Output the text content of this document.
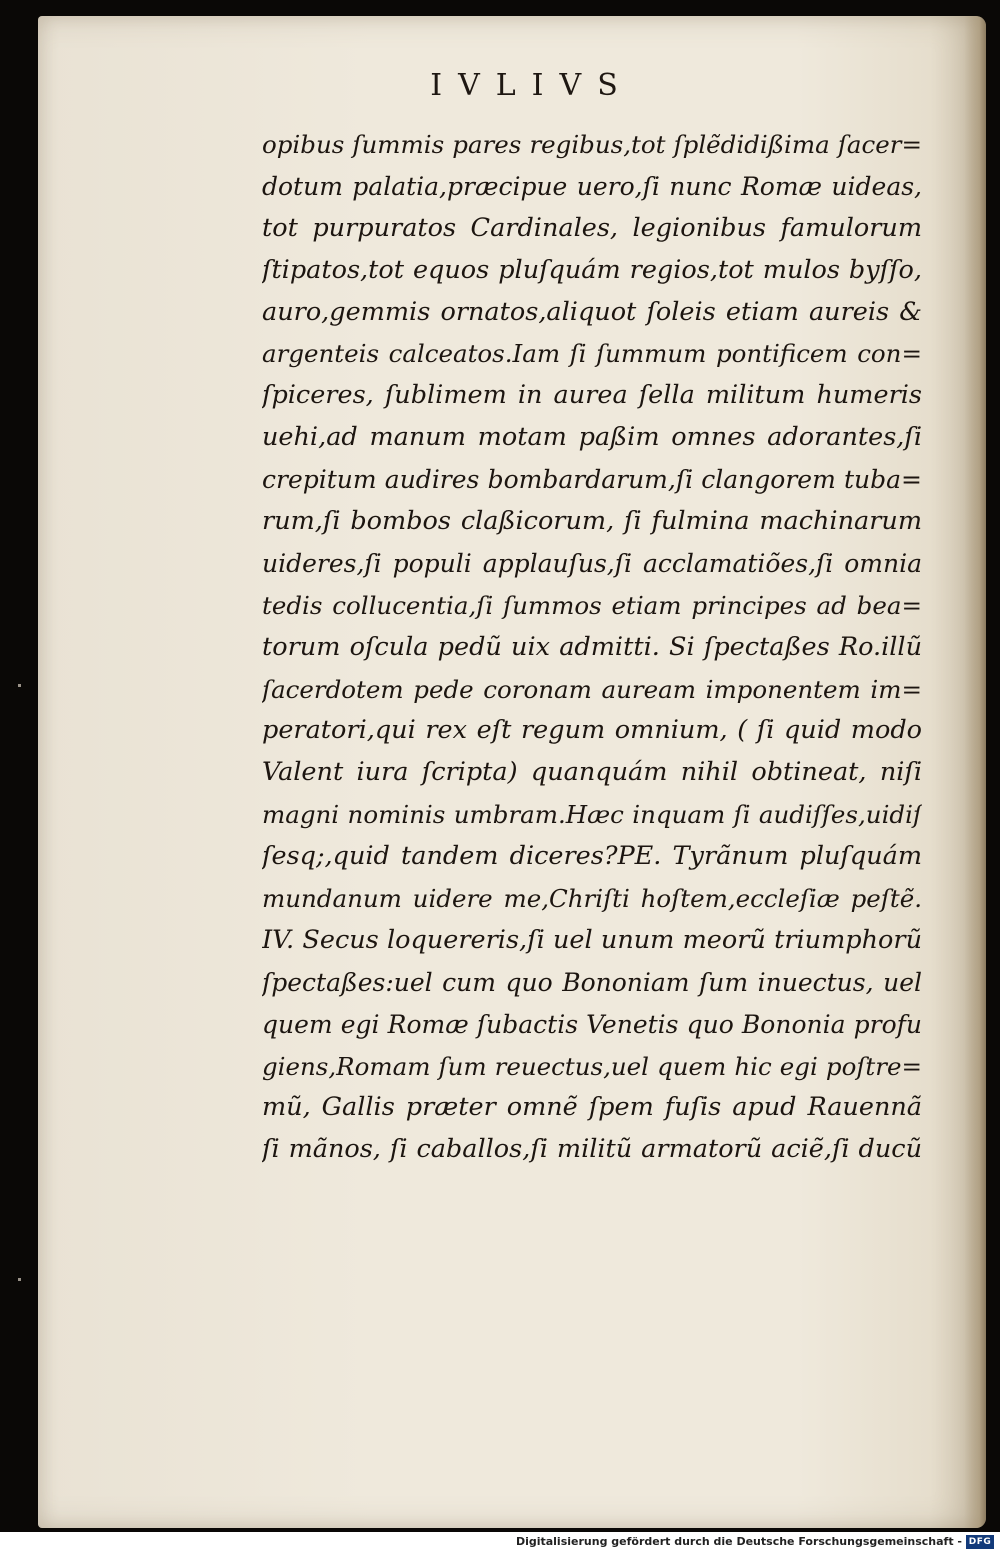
IVLIVS
opibus ſummis pares regibus,tot ſplẽdidißima ſacer=
dotum palatia,præcipue uero,ſi nunc Romæ uideas,
tot purpuratos Cardinales, legionibus famulorum
ſtipatos,tot equos pluſquám regios,tot mulos byſſo,
auro,gemmis ornatos,aliquot ſoleis etiam aureis &
argenteis calceatos.Iam ſi ſummum pontificem con=
ſpiceres, ſublimem in aurea ſella militum humeris
uehi,ad manum motam paßim omnes adorantes,ſi
crepitum audires bombardarum,ſi clangorem tuba=
rum,ſi bombos claßicorum, ſi fulmina machinarum
uideres,ſi populi applauſus,ſi acclamatiões,ſi omnia
tedis collucentia,ſi ſummos etiam principes ad bea=
torum oſcula pedũ uix admitti. Si ſpectaßes Ro.illũ
ſacerdotem pede coronam auream imponentem im=
peratori,qui rex eſt regum omnium, ( ſi quid modo
Valent iura ſcripta) quanquám nihil obtineat, niſi
magni nominis umbram.Hæc inquam ſi audiſſes,uidiſ
ſesq;,quid tandem diceres?PE. Tyrãnum pluſquám
mundanum uidere me,Chriſti hoſtem,eccleſiæ peſtẽ.
IV. Secus loquereris,ſi uel unum meorũ triumphorũ
ſpectaßes:uel cum quo Bononiam ſum inuectus, uel
quem egi Romæ ſubactis Venetis quo Bononia profu
giens,Romam ſum reuectus,uel quem hic egi poſtre=
mũ, Gallis præter omnẽ ſpem fuſis apud Rauennã
ſi mãnos, ſi caballos,ſi militũ armatorũ aciẽ,ſi ducũ
Digitalisierung gefördert durch die Deutsche Forschungsgemeinschaft - DFG
